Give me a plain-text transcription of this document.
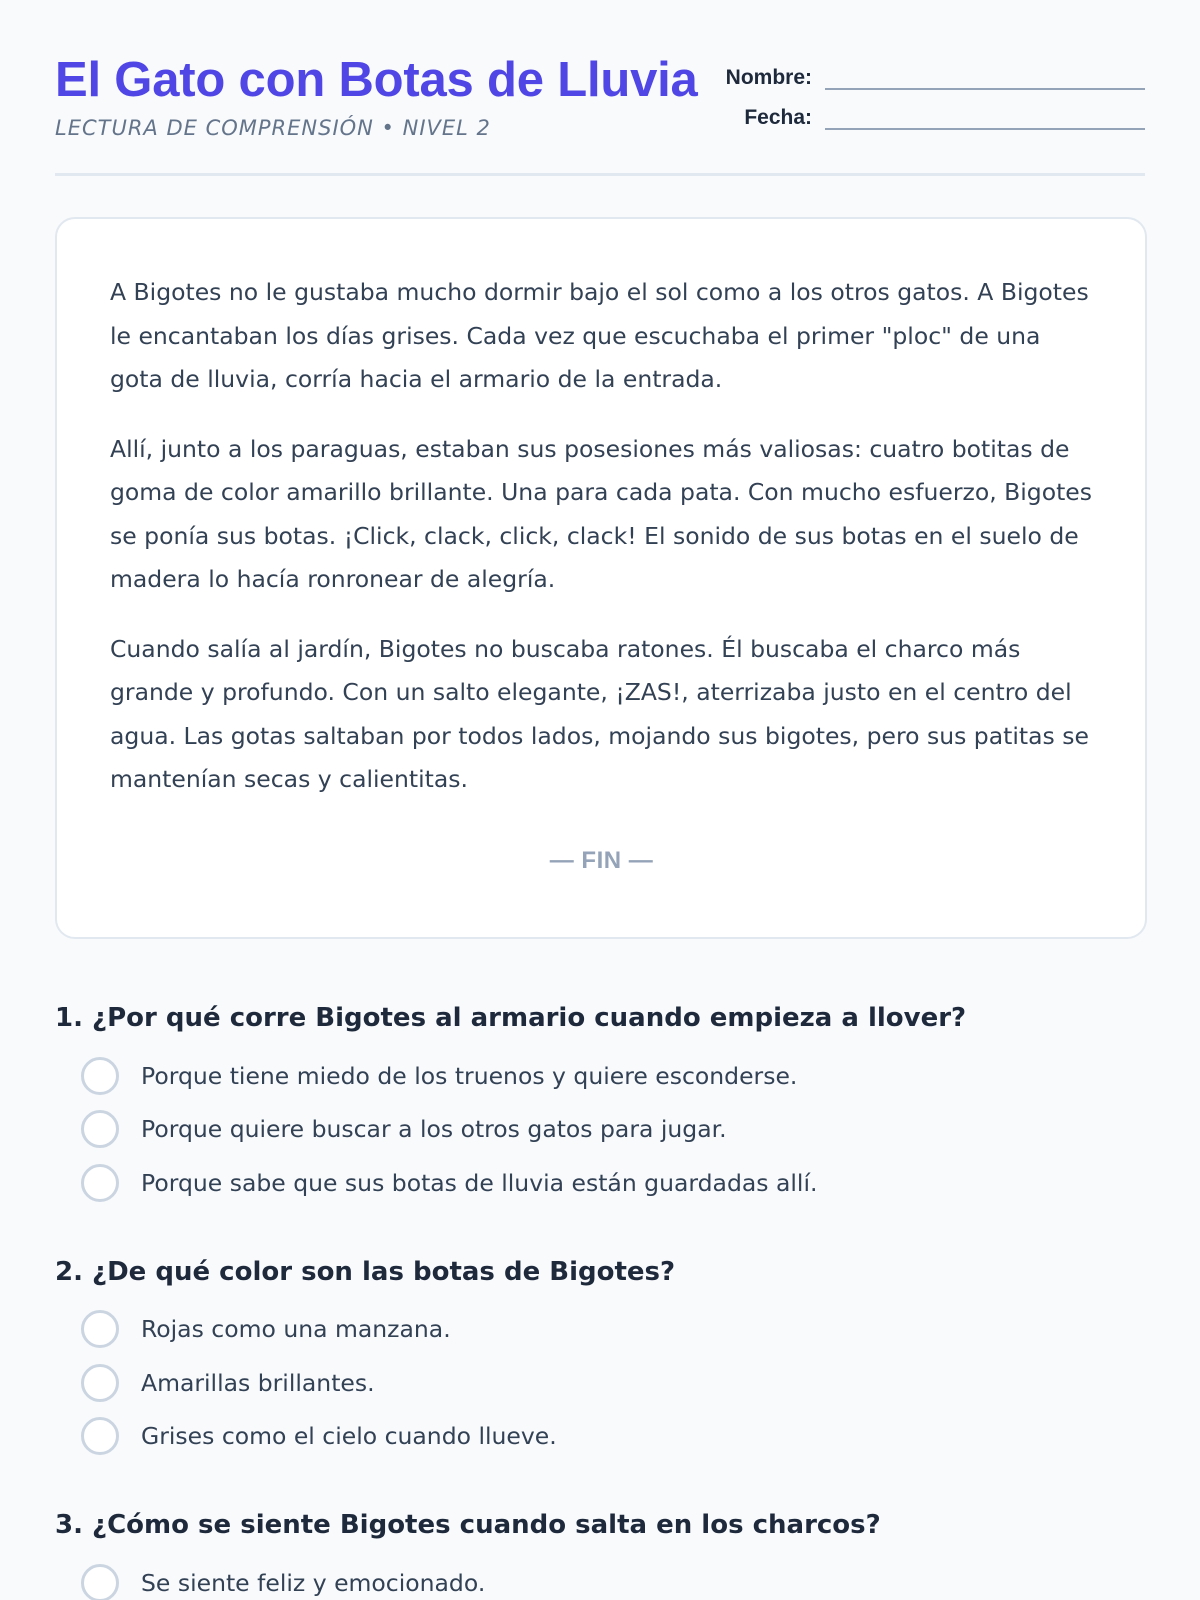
El Gato con Botas de Lluvia
LECTURA DE COMPRENSIÓN • NIVEL 2
Nombre:
Fecha:

A Bigotes no le gustaba mucho dormir bajo el sol como a los otros gatos. A Bigotes le encantaban los días grises. Cada vez que escuchaba el primer "ploc" de una gota de lluvia, corría hacia el armario de la entrada.

Allí, junto a los paraguas, estaban sus posesiones más valiosas: cuatro botitas de goma de color amarillo brillante. Una para cada pata. Con mucho esfuerzo, Bigotes se ponía sus botas. ¡Click, clack, click, clack! El sonido de sus botas en el suelo de madera lo hacía ronronear de alegría.

Cuando salía al jardín, Bigotes no buscaba ratones. Él buscaba el charco más grande y profundo. Con un salto elegante, ¡ZAS!, aterrizaba justo en el centro del agua. Las gotas saltaban por todos lados, mojando sus bigotes, pero sus patitas se mantenían secas y calientitas.

— FIN —
1. ¿Por qué corre Bigotes al armario cuando empieza a llover?
Porque tiene miedo de los truenos y quiere esconderse.
Porque quiere buscar a los otros gatos para jugar.
Porque sabe que sus botas de lluvia están guardadas allí.
2. ¿De qué color son las botas de Bigotes?
Rojas como una manzana.
Amarillas brillantes.
Grises como el cielo cuando llueve.
3. ¿Cómo se siente Bigotes cuando salta en los charcos?
Se siente feliz y emocionado.
